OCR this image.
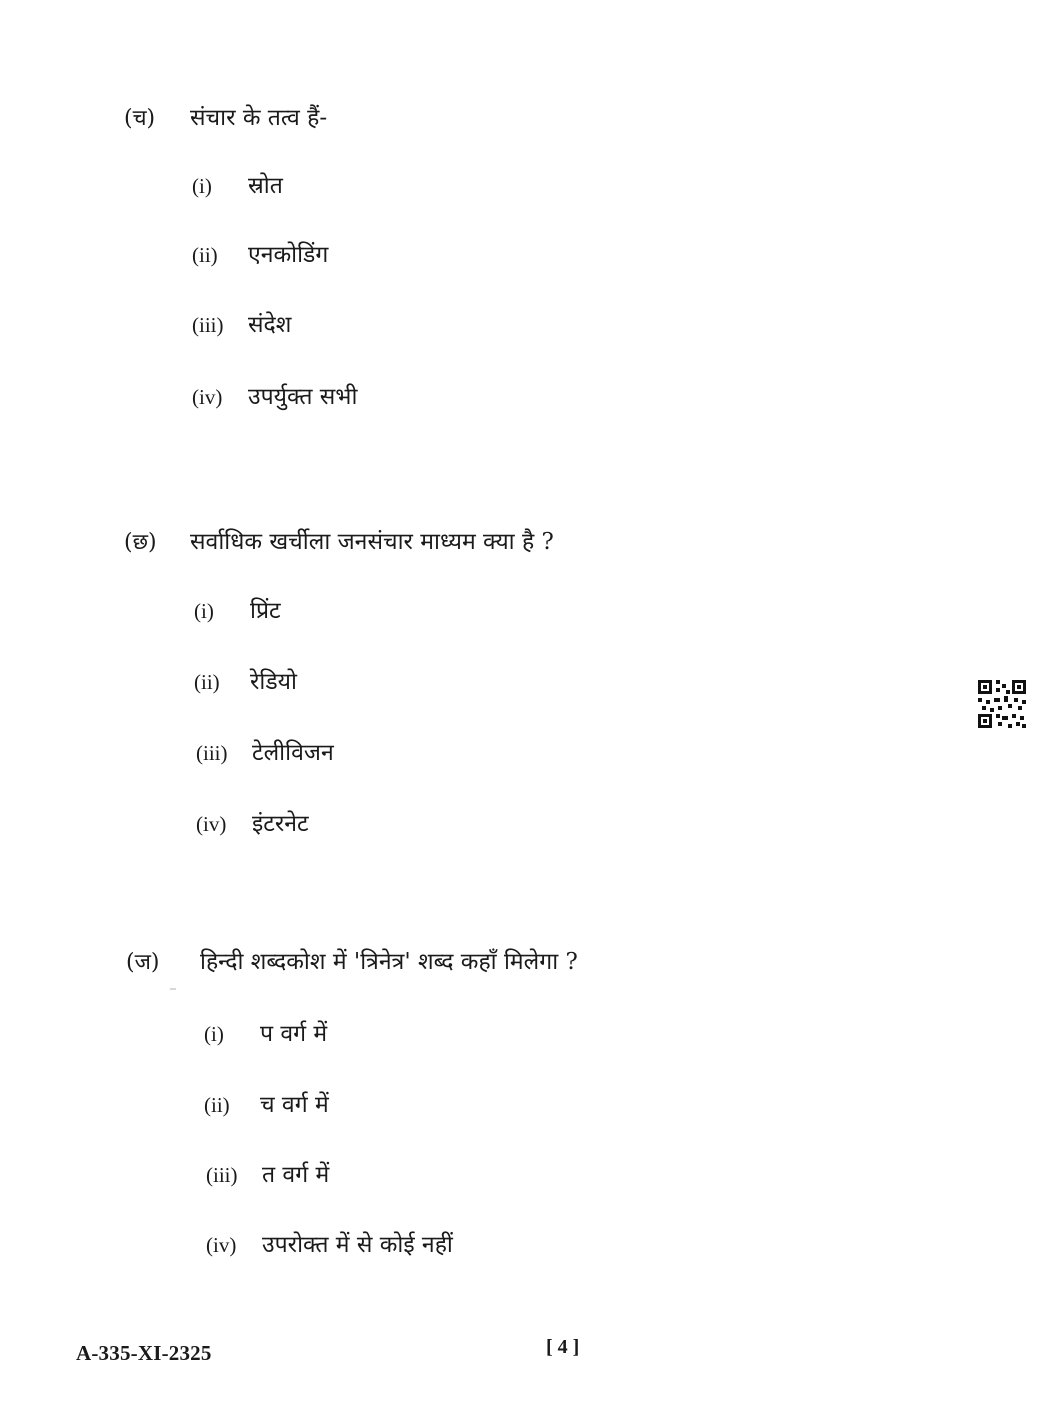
(च)	संचार के तत्व हैं-
(i)	स्रोत
(ii)	एनकोडिंग
(iii)	संदेश
(iv)	उपर्युक्त सभी
(छ)	सर्वाधिक खर्चीला जनसंचार माध्यम क्या है ?
(i)	प्रिंट
(ii)	रेडियो
(iii)	टेलीविजन
(iv)	इंटरनेट
(ज)	हिन्दी शब्दकोश में 'त्रिनेत्र' शब्द कहाँ मिलेगा ?
(i)	प वर्ग में
(ii)	च वर्ग में
(iii)	त वर्ग में
(iv)	उपरोक्त में से कोई नहीं
A-335-XI-2325	[ 4 ]
